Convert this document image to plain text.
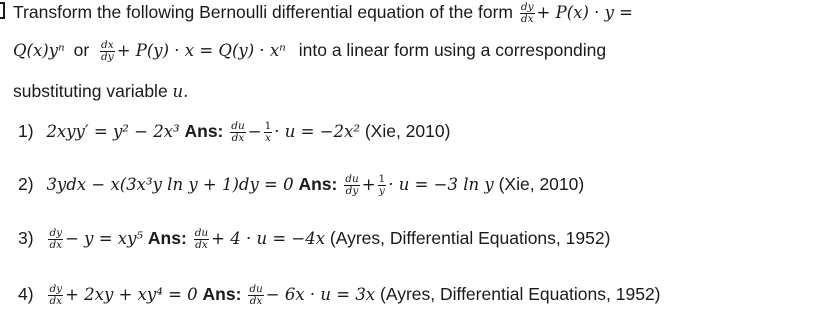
Transform the following Bernoulli differential equation of the form $\frac{dy}{dx} + P(x) \cdot y$ =
Q(x)yⁿ or $\frac{dx}{dy} + P(y) \cdot x = Q(y) \cdot x^n$ into a linear form using a corresponding
substituting variable u.
1) 2xyy′ = y² − 2x³ Ans: $\frac{du}{dx} - \frac{1}{x} \cdot u = -2x^2$ (Xie, 2010)
2) 3ydx − x(3x³y ln y + 1)dy = 0 Ans: $\frac{du}{dy} + \frac{1}{y} \cdot u = -3$ ln y (Xie, 2010)
$3) \frac{dy}{dx} - y = xy^5$ Ans: $\frac{du}{dx} + 4 \cdot u = -4x$ (Ayres, Differential Equations, 1952)
$4) \frac{dy}{dx} + 2xy + xy^4 = 0$ Ans: $\frac{du}{dx} - 6x \cdot u = 3x$ (Ayres, Differential Equations, 1952)
